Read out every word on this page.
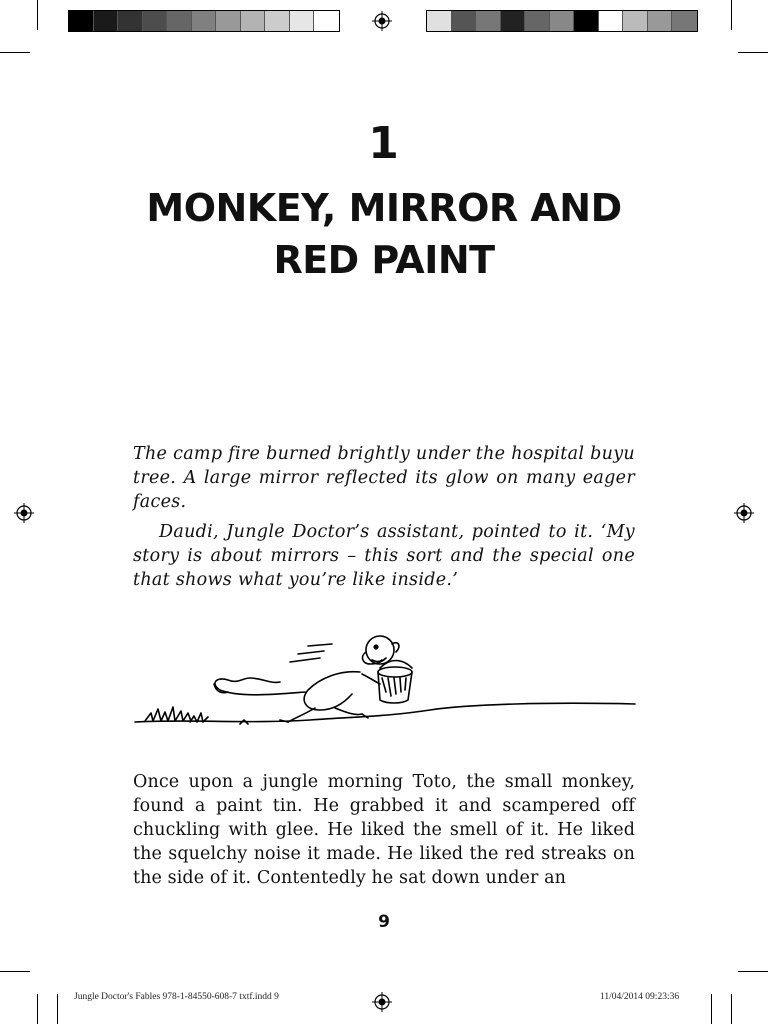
1
MONKEY, MIRROR AND RED PAINT

The camp fire burned brightly under the hospital buyu tree. A large mirror reflected its glow on many eager faces.

Daudi, Jungle Doctor’s assistant, pointed to it. ‘My story is about mirrors – this sort and the special one that shows what you’re like inside.’

Once upon a jungle morning Toto, the small monkey, found a paint tin. He grabbed it and scampered off chuckling with glee. He liked the smell of it. He liked the squelchy noise it made. He liked the red streaks on the side of it. Contentedly he sat down under an

9
Jungle Doctor's Fables 978-1-84550-608-7 txtf.indd 9	11/04/2014 09:23:36
